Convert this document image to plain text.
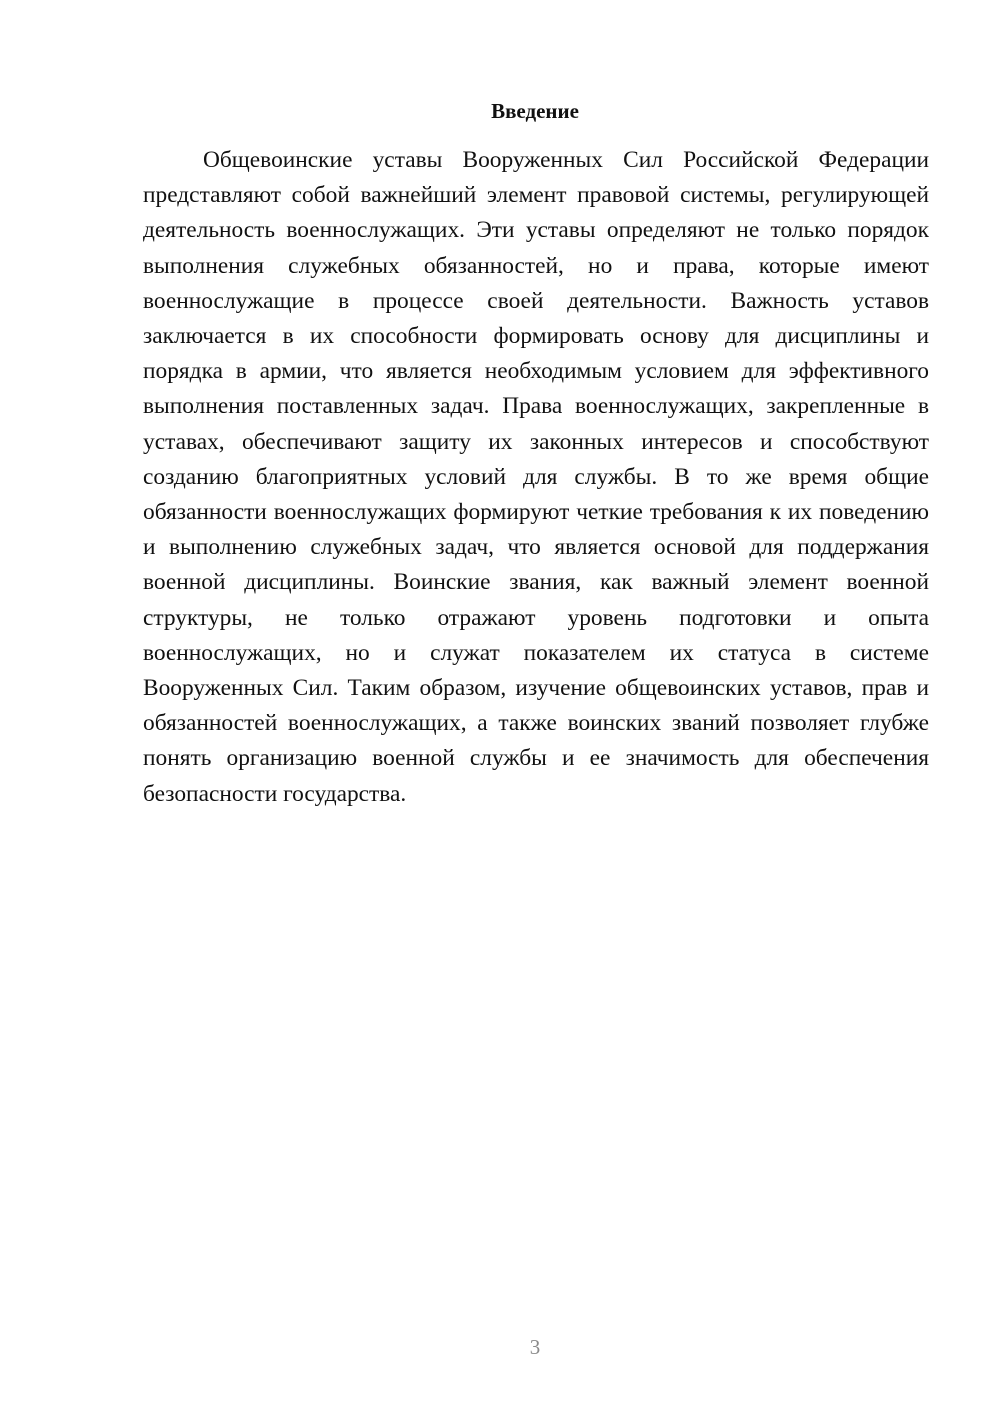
Введение

Общевоинские уставы Вооруженных Сил Российской Федерации представляют собой важнейший элемент правовой системы, регулирующей деятельность военнослужащих. Эти уставы определяют не только порядок выполнения служебных обязанностей, но и права, которые имеют военнослужащие в процессе своей деятельности. Важность уставов заключается в их способности формировать основу для дисциплины и порядка в армии, что является необходимым условием для эффективного выполнения поставленных задач. Права военнослужащих, закрепленные в уставах, обеспечивают защиту их законных интересов и способствуют созданию благоприятных условий для службы. В то же время общие обязанности военнослужащих формируют четкие требования к их поведению и выполнению служебных задач, что является основой для поддержания военной дисциплины. Воинские звания, как важный элемент военной структуры, не только отражают уровень подготовки и опыта военнослужащих, но и служат показателем их статуса в системе Вооруженных Сил. Таким образом, изучение общевоинских уставов, прав и обязанностей военнослужащих, а также воинских званий позволяет глубже понять организацию военной службы и ее значимость для обеспечения безопасности государства.

3
